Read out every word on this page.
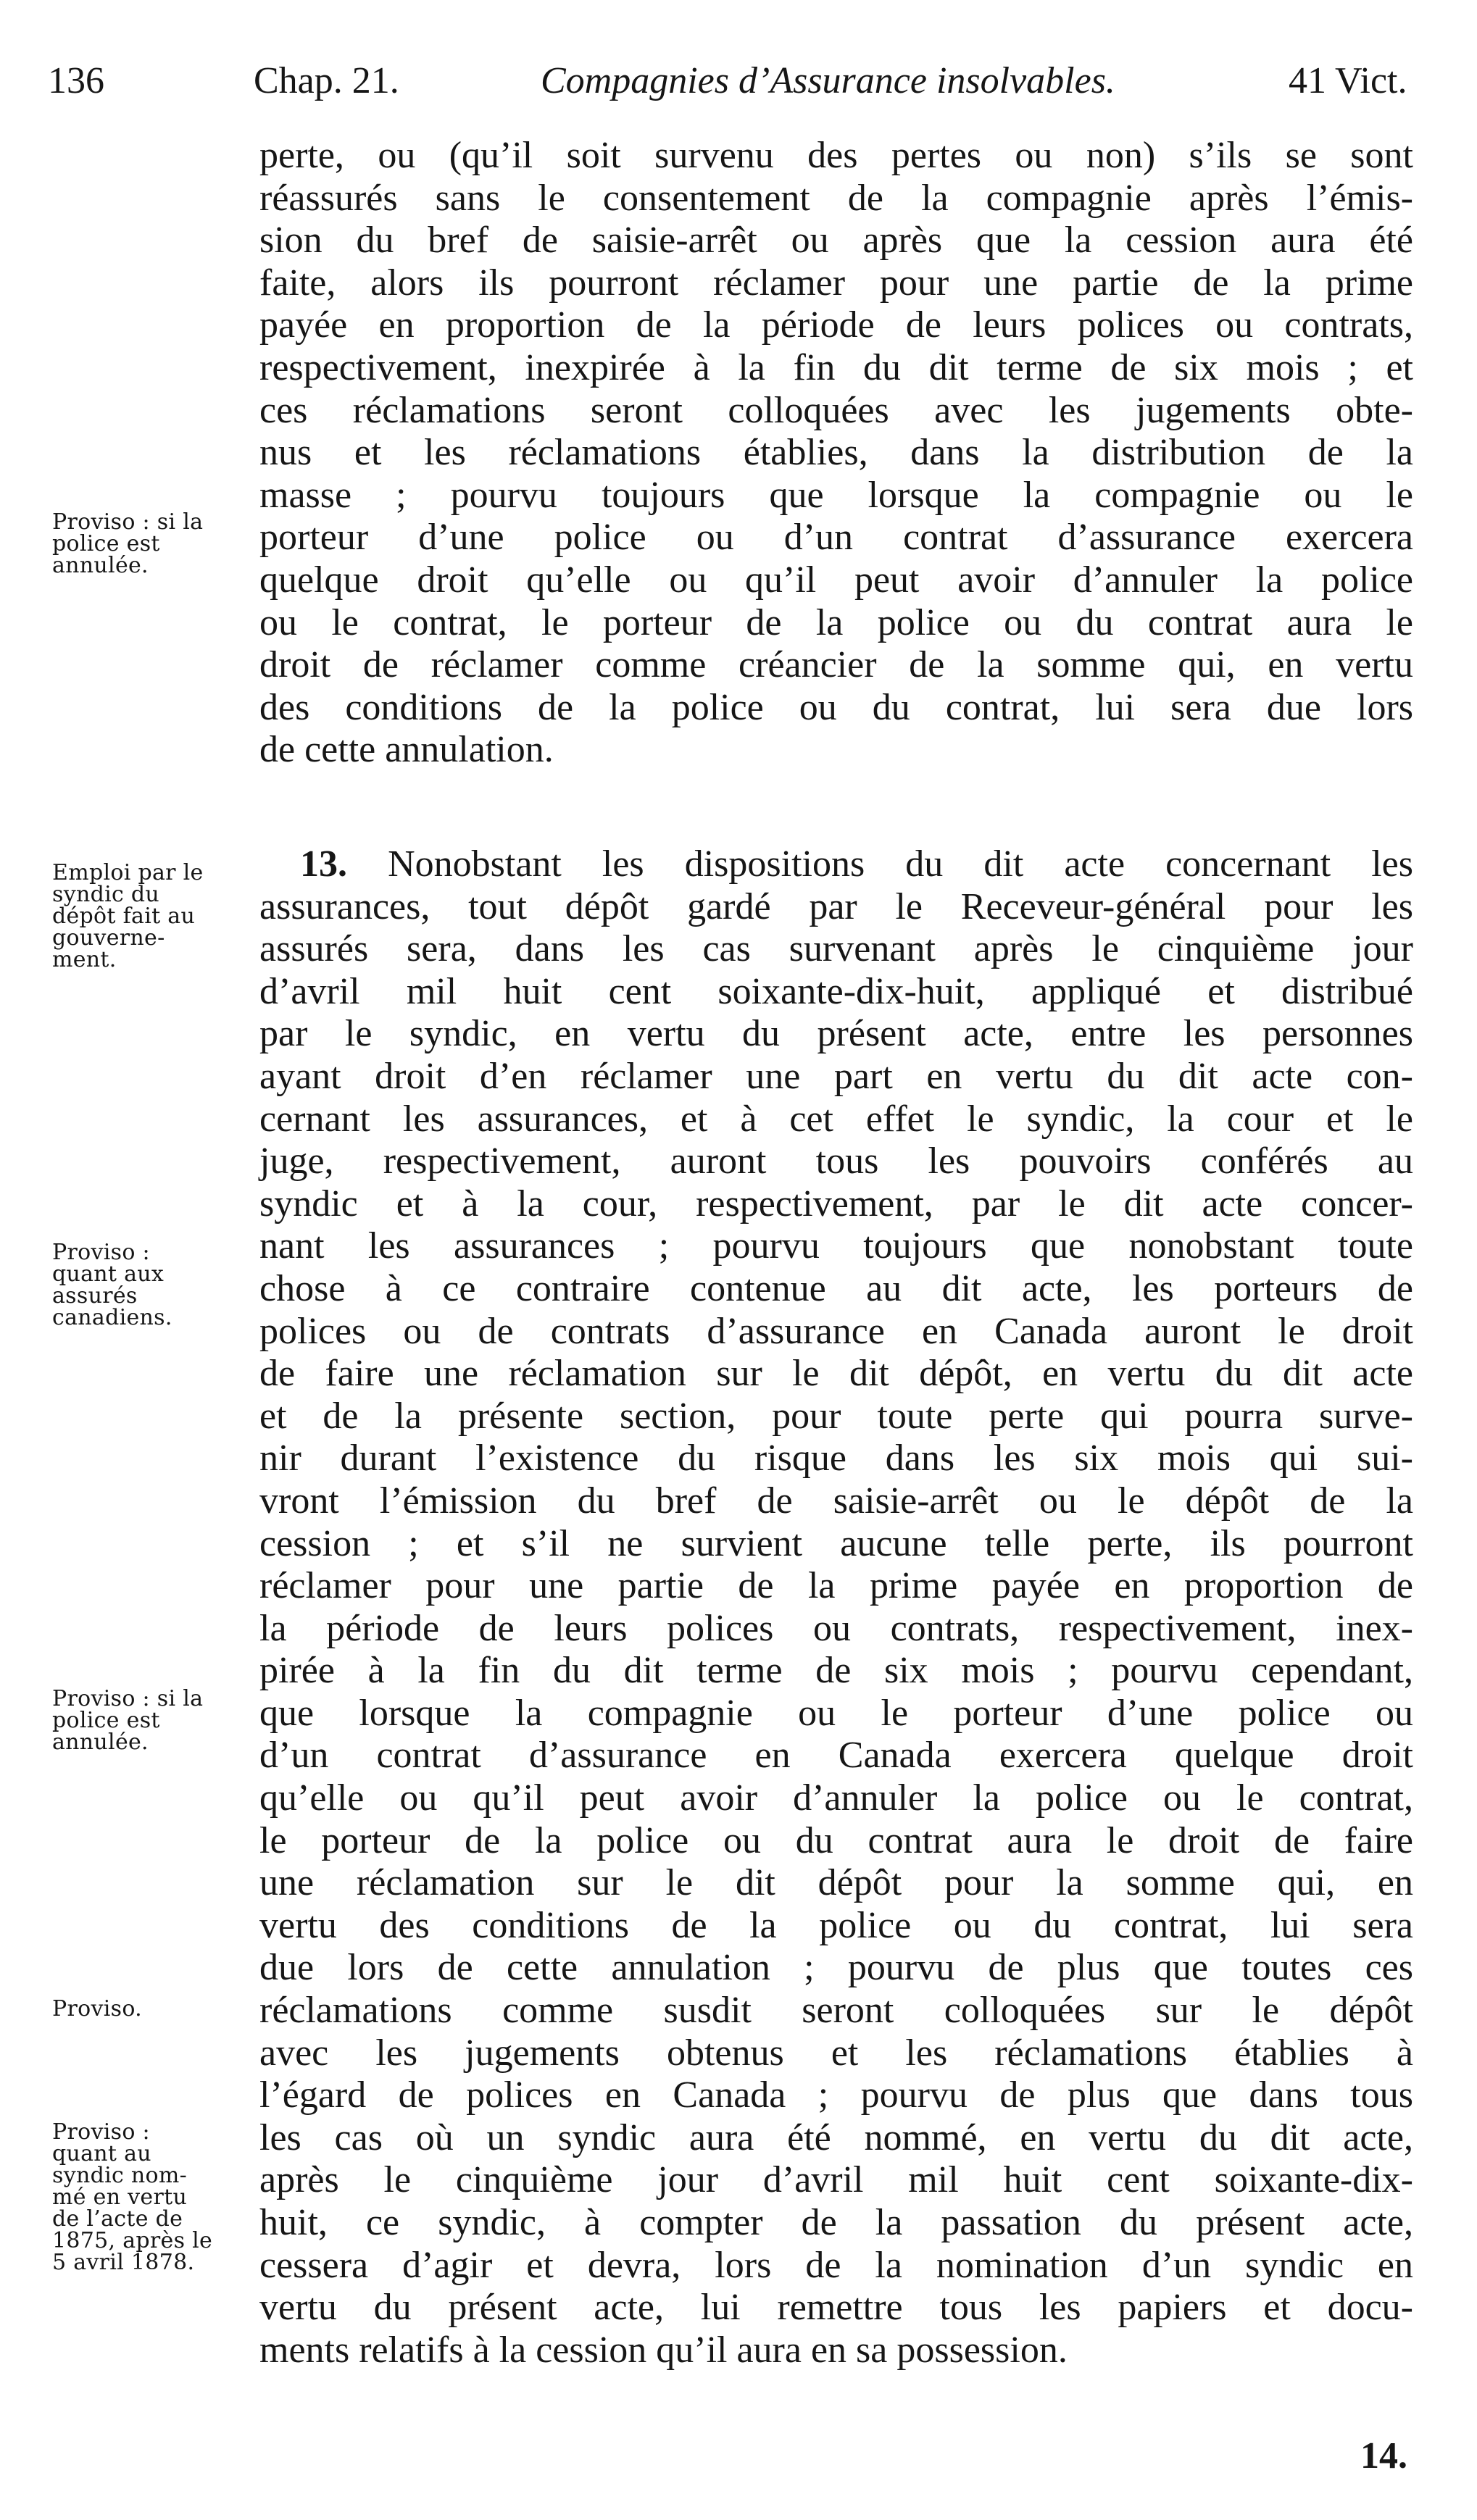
136	Chap. 21.	Compagnies d’Assurance insolvables.	41 Vict.
perte, ou (qu’il soit survenu des pertes ou non) s’ils se sont
réassurés sans le consentement de la compagnie après l’émis-
sion du bref de saisie-arrêt ou après que la cession aura été
faite, alors ils pourront réclamer pour une partie de la prime
payée en proportion de la période de leurs polices ou contrats,
respectivement, inexpirée à la fin du dit terme de six mois ; et
ces réclamations seront colloquées avec les jugements obte-
nus et les réclamations établies, dans la distribution de la
masse ; pourvu toujours que lorsque la compagnie ou le
porteur d’une police ou d’un contrat d’assurance exercera
quelque droit qu’elle ou qu’il peut avoir d’annuler la police
ou le contrat, le porteur de la police ou du contrat aura le
droit de réclamer comme créancier de la somme qui, en vertu
des conditions de la police ou du contrat, lui sera due lors
de cette annulation.
13. Nonobstant les dispositions du dit acte concernant les
assurances, tout dépôt gardé par le Receveur-général pour les
assurés sera, dans les cas survenant après le cinquième jour
d’avril mil huit cent soixante-dix-huit, appliqué et distribué
par le syndic, en vertu du présent acte, entre les personnes
ayant droit d’en réclamer une part en vertu du dit acte con-
cernant les assurances, et à cet effet le syndic, la cour et le
juge, respectivement, auront tous les pouvoirs conférés au
syndic et à la cour, respectivement, par le dit acte concer-
nant les assurances ; pourvu toujours que nonobstant toute
chose à ce contraire contenue au dit acte, les porteurs de
polices ou de contrats d’assurance en Canada auront le droit
de faire une réclamation sur le dit dépôt, en vertu du dit acte
et de la présente section, pour toute perte qui pourra surve-
nir durant l’existence du risque dans les six mois qui sui-
vront l’émission du bref de saisie-arrêt ou le dépôt de la
cession ; et s’il ne survient aucune telle perte, ils pourront
réclamer pour une partie de la prime payée en proportion de
la période de leurs polices ou contrats, respectivement, inex-
pirée à la fin du dit terme de six mois ; pourvu cependant,
que lorsque la compagnie ou le porteur d’une police ou
d’un contrat d’assurance en Canada exercera quelque droit
qu’elle ou qu’il peut avoir d’annuler la police ou le contrat,
le porteur de la police ou du contrat aura le droit de faire
une réclamation sur le dit dépôt pour la somme qui, en
vertu des conditions de la police ou du contrat, lui sera
due lors de cette annulation ; pourvu de plus que toutes ces
réclamations comme susdit seront colloquées sur le dépôt
avec les jugements obtenus et les réclamations établies à
l’égard de polices en Canada ; pourvu de plus que dans tous
les cas où un syndic aura été nommé, en vertu du dit acte,
après le cinquième jour d’avril mil huit cent soixante-dix-
huit, ce syndic, à compter de la passation du présent acte,
cessera d’agir et devra, lors de la nomination d’un syndic en
vertu du présent acte, lui remettre tous les papiers et docu-
ments relatifs à la cession qu’il aura en sa possession.
Proviso : si la
police est
annulée.
Emploi par le
syndic du
dépôt fait au
gouverne-
ment.
Proviso :
quant aux
assurés
canadiens.
Proviso : si la
police est
annulée.
Proviso.
Proviso :
quant au
syndic nom-
mé en vertu
de l’acte de
1875, après le
5 avril 1878.
14.
